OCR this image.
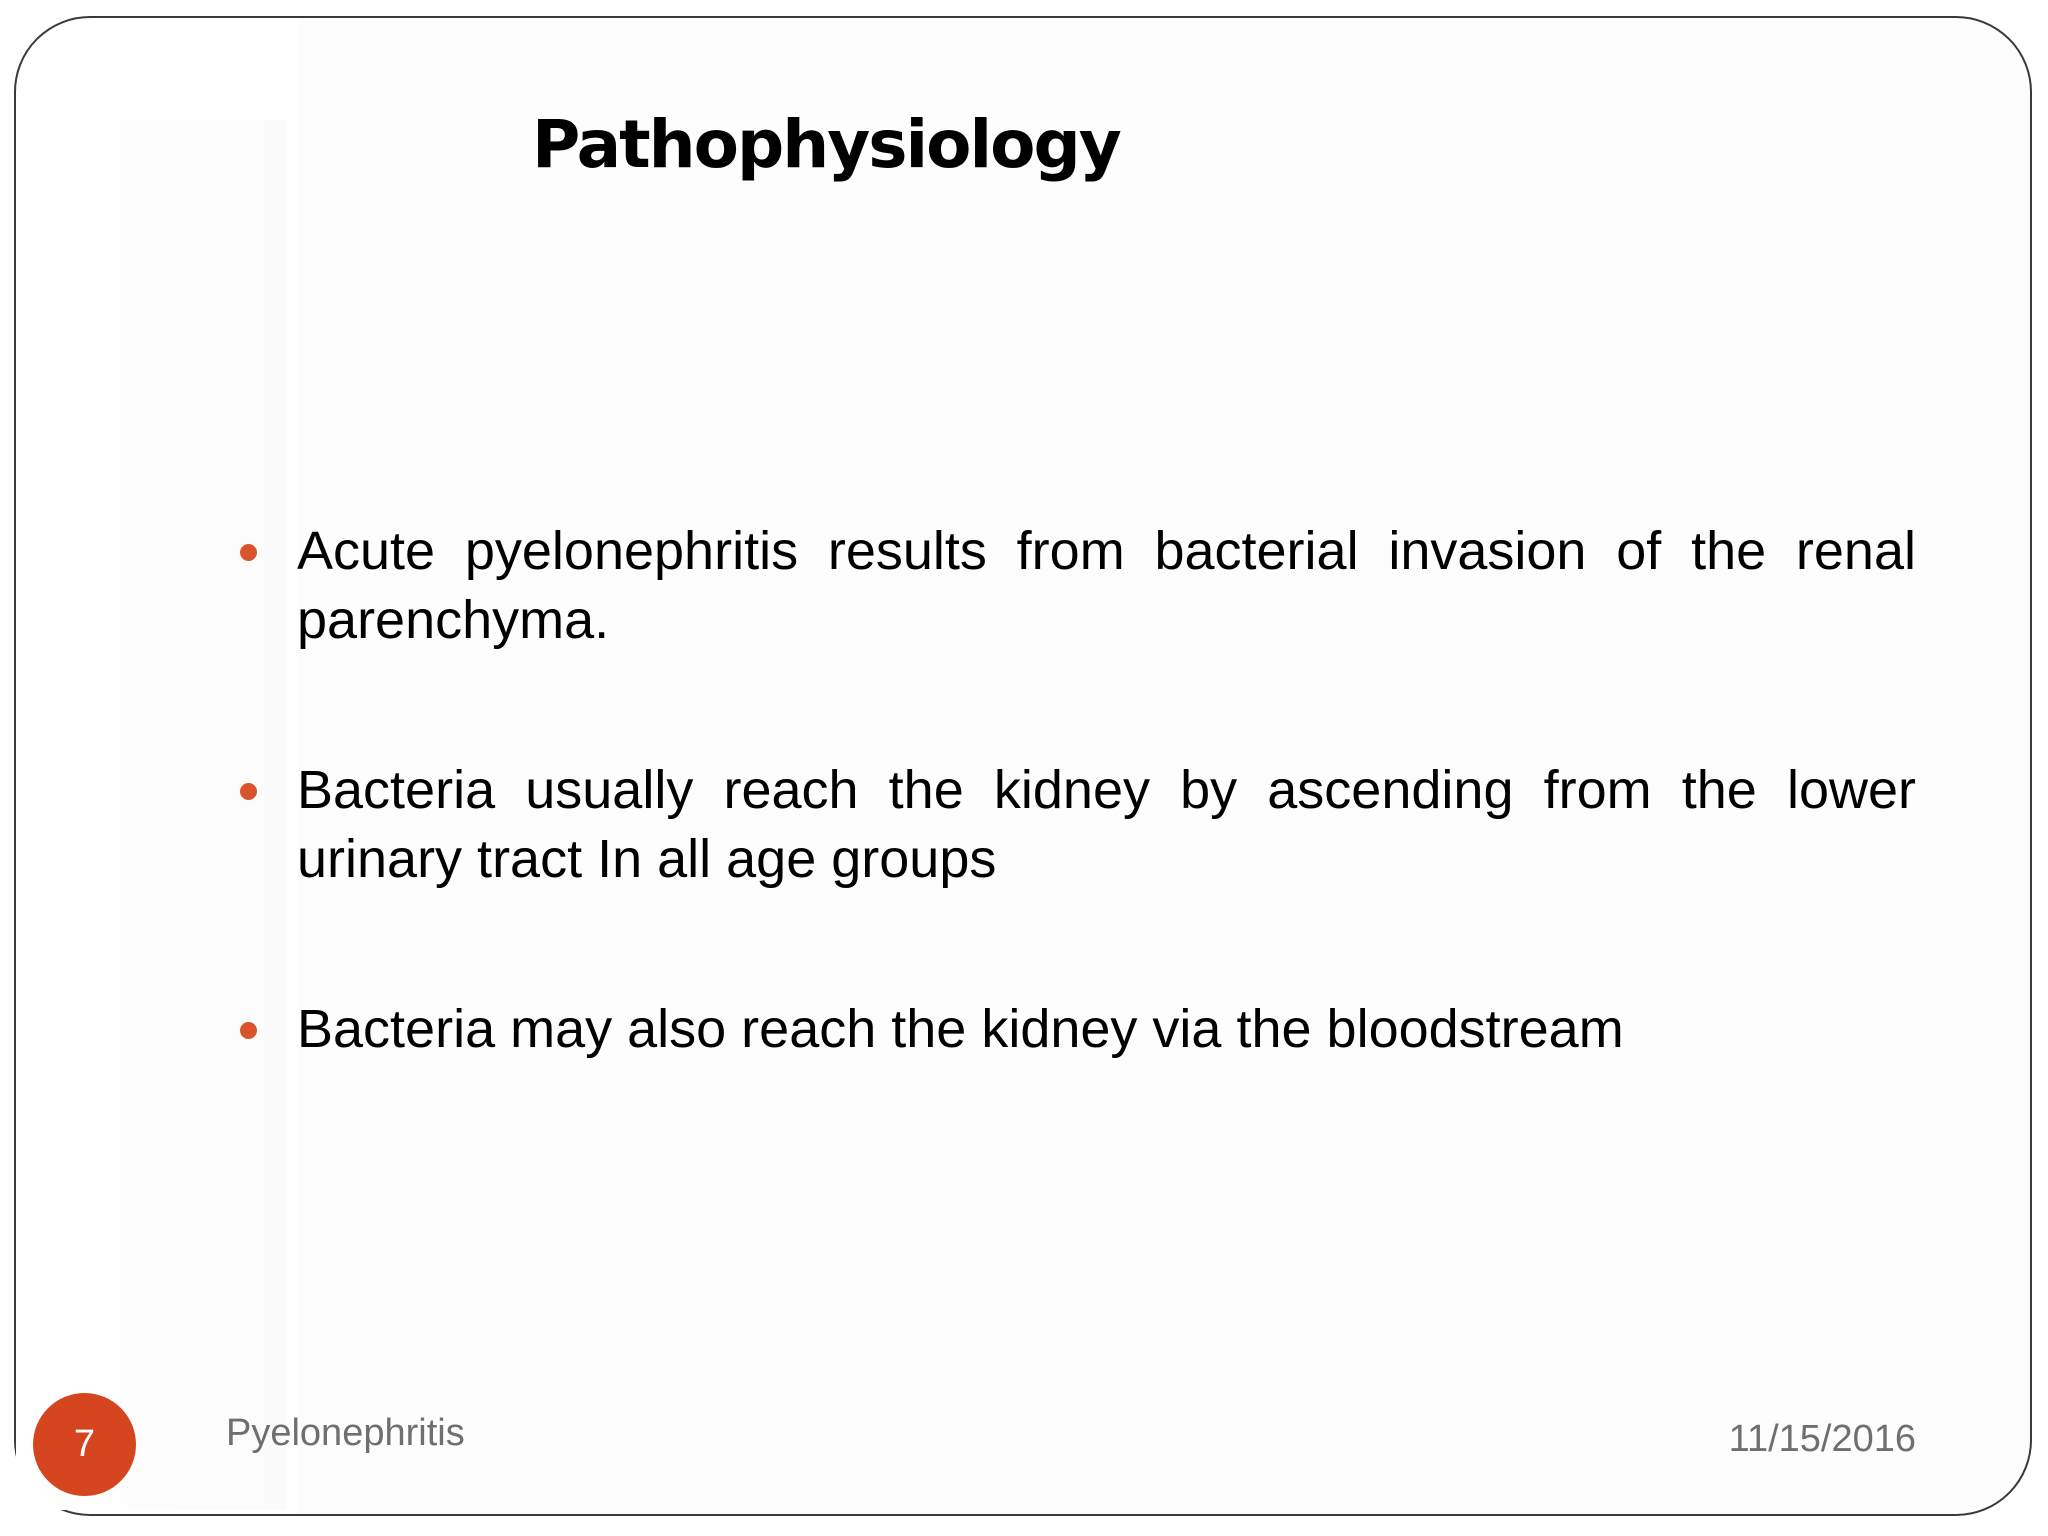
Pathophysiology
Acute pyelonephritis results from bacterial invasion of the renal parenchyma.
Bacteria usually reach the kidney by ascending from the lower urinary tract In all age groups
Bacteria may also reach the kidney via the bloodstream
7	Pyelonephritis	11/15/2016
